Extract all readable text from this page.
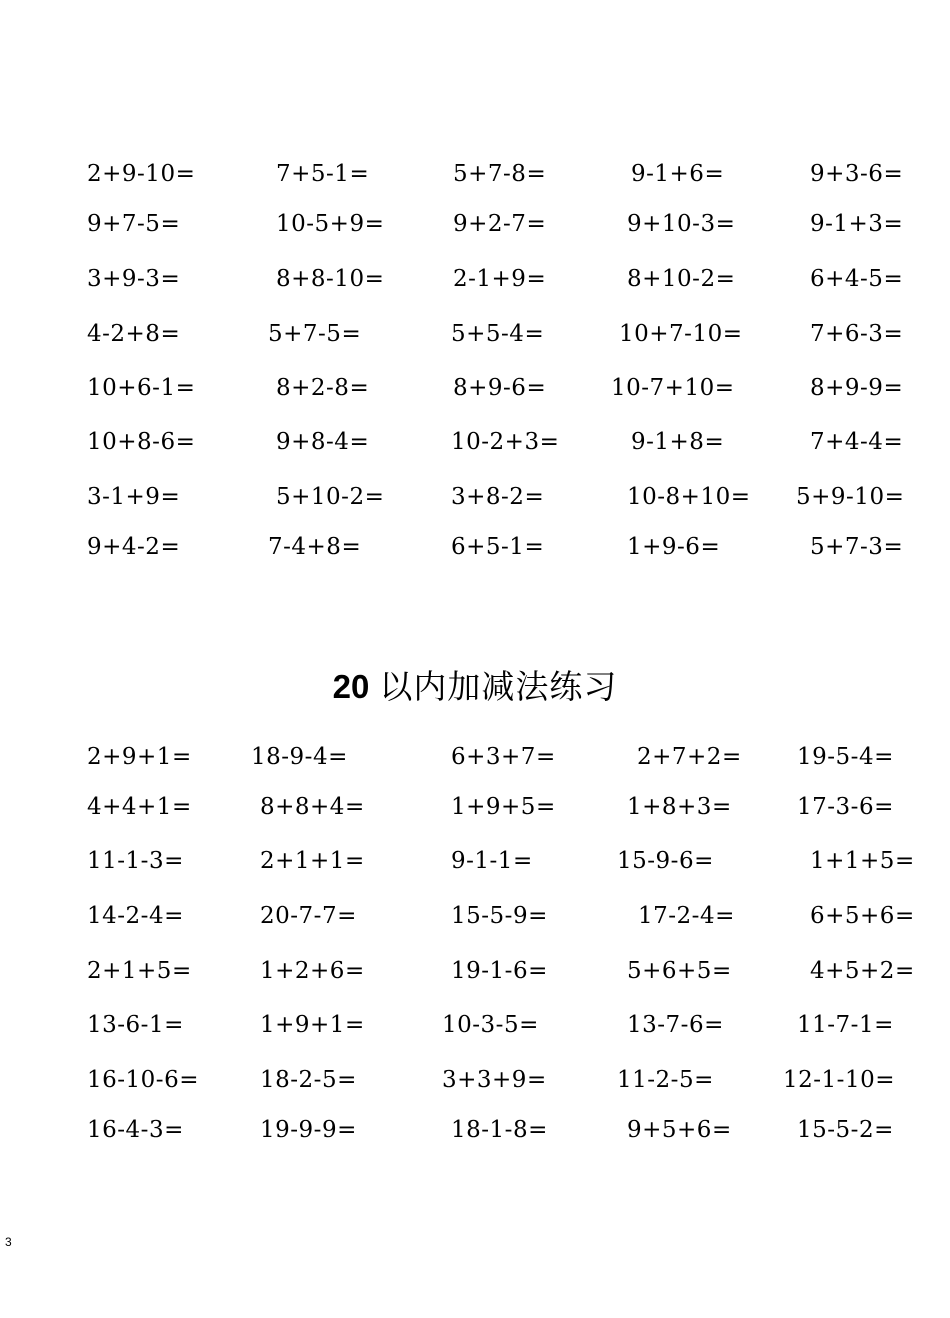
2+9-10=	7+5-1=	5+7-8=	9-1+6=	9+3-6=
9+7-5=	10-5+9=	9+2-7=	9+10-3=	9-1+3=
3+9-3=	8+8-10=	2-1+9=	8+10-2=	6+4-5=
4-2+8=	5+7-5=	5+5-4=	10+7-10=	7+6-3=
10+6-1=	8+2-8=	8+9-6=	10-7+10=	8+9-9=
10+8-6=	9+8-4=	10-2+3=	9-1+8=	7+4-4=
3-1+9=	5+10-2=	3+8-2=	10-8+10= 5+9-10=
9+4-2=	7-4+8=	6+5-1=	1+9-6=	5+7-3=
20 以内加减法练习
2+9+1=	18-9-4=	6+3+7=	2+7+2= 19-5-4=
4+4+1=	8+8+4=	1+9+5=	1+8+3=	17-3-6=
11-1-3=	2+1+1=	9-1-1=	15-9-6=	1+1+5=
14-2-4=	20-7-7=	15-5-9=	17-2-4=	6+5+6=
2+1+5=	1+2+6=	19-1-6=	5+6+5=	4+5+2=
13-6-1=	1+9+1=	10-3-5=	13-7-6=	11-7-1=
16-10-6=	18-2-5=	3+3+9=	11-2-5=	12-1-10=
16-4-3=	19-9-9=	18-1-8=	9+5+6=	15-5-2=
3
